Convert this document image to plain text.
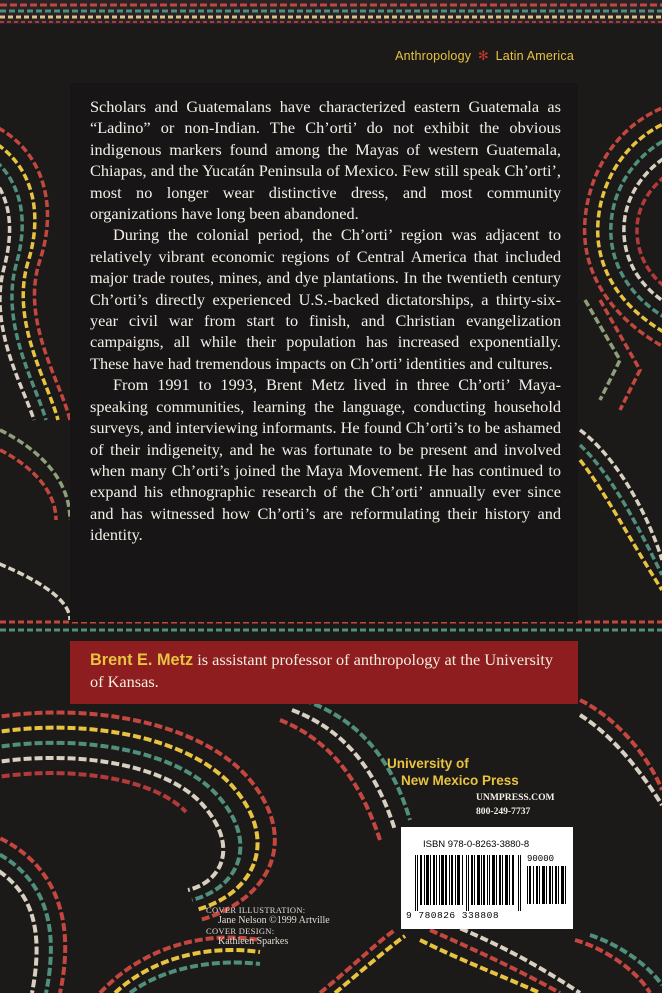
Anthropology ✻ Latin America

Scholars and Guatemalans have characterized eastern Guatemala as “Ladino” or non-Indian. The Ch’orti’ do not exhibit the obvious indigenous markers found among the Mayas of western Guatemala, Chiapas, and the Yucatán Peninsula of Mexico. Few still speak Ch’orti’, most no longer wear distinctive dress, and most community organizations have long been abandoned.

During the colonial period, the Ch’orti’ region was adjacent to relatively vibrant economic regions of Central America that included major trade routes, mines, and dye plantations. In the twentieth century Ch’orti’s directly experienced U.S.-backed dictatorships, a thirty-six-year civil war from start to finish, and Christian evangelization campaigns, all while their population has increased exponentially. These have had tremendous impacts on Ch’orti’ identities and cultures.

From 1991 to 1993, Brent Metz lived in three Ch’orti’ Maya-speaking communities, learning the language, conducting household surveys, and interviewing informants. He found Ch’orti’s to be ashamed of their indigeneity, and he was fortunate to be present and involved when many Ch’orti’s joined the Maya Movement. He has continued to expand his ethnographic research of the Ch’orti’ annually ever since and has witnessed how Ch’orti’s are reformulating their history and identity.

Brent E. Metz is assistant professor of anthropology at the University of Kansas.
University of
New Mexico Press
UNMPRESS.COM
800-249-7737
ISBN 978-0-8263-3880-8
90000
9 780826 338808
COVER ILLUSTRATION:
Jane Nelson ©1999 Artville
COVER DESIGN:
Kathleen Sparkes
